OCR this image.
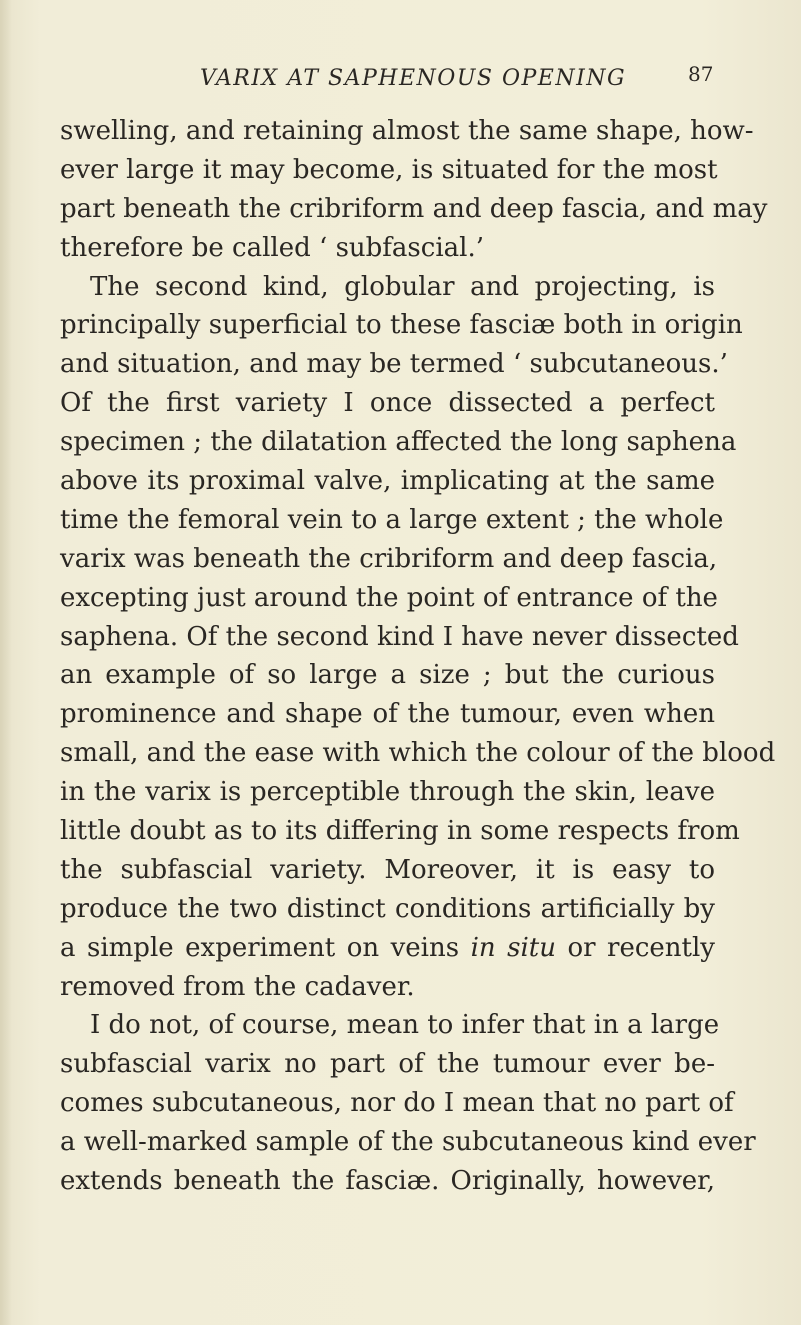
VARIX AT SAPHENOUS OPENING	87
swelling, and retaining almost the same shape, how-
ever large it may become, is situated for the most
part beneath the cribriform and deep fascia, and may
therefore be called ‘ subfascial.’
The second kind, globular and projecting, is
principally superficial to these fasciæ both in origin
and situation, and may be termed ‘ subcutaneous.’
Of the first variety I once dissected a perfect
specimen ; the dilatation affected the long saphena
above its proximal valve, implicating at the same
time the femoral vein to a large extent ; the whole
varix was beneath the cribriform and deep fascia,
excepting just around the point of entrance of the
saphena. Of the second kind I have never dissected
an example of so large a size ; but the curious
prominence and shape of the tumour, even when
small, and the ease with which the colour of the blood
in the varix is perceptible through the skin, leave
little doubt as to its differing in some respects from
the subfascial variety. Moreover, it is easy to
produce the two distinct conditions artificially by
a simple experiment on veins in situ or recently
removed from the cadaver.
I do not, of course, mean to infer that in a large
subfascial varix no part of the tumour ever be-
comes subcutaneous, nor do I mean that no part of
a well-marked sample of the subcutaneous kind ever
extends beneath the fasciæ. Originally, however,
